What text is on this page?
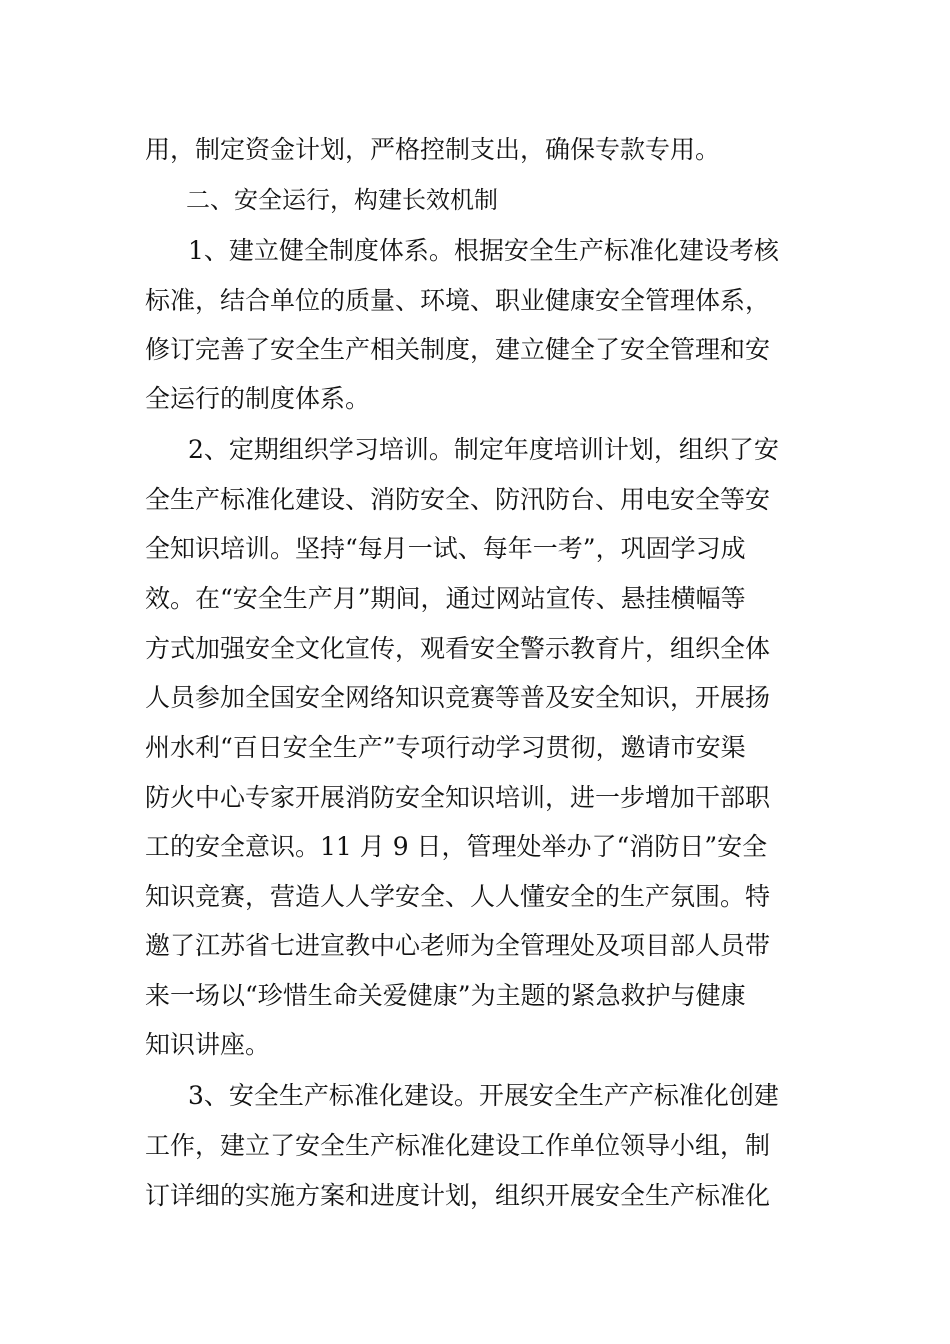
用，制定资金计划，严格控制支出，确保专款专用。
二、安全运行，构建长效机制
1、建立健全制度体系。根据安全生产标准化建设考核
标准，结合单位的质量、环境、职业健康安全管理体系，
修订完善了安全生产相关制度，建立健全了安全管理和安
全运行的制度体系。
2、定期组织学习培训。制定年度培训计划，组织了安
全生产标准化建设、消防安全、防汛防台、用电安全等安
全知识培训。坚持“每月一试、每年一考”，巩固学习成
效。在“安全生产月”期间，通过网站宣传、悬挂横幅等
方式加强安全文化宣传，观看安全警示教育片，组织全体
人员参加全国安全网络知识竞赛等普及安全知识，开展扬
州水利“百日安全生产”专项行动学习贯彻，邀请市安渠
防火中心专家开展消防安全知识培训，进一步增加干部职
工的安全意识。11 月 9 日，管理处举办了“消防日”安全
知识竞赛，营造人人学安全、人人懂安全的生产氛围。特
邀了江苏省七进宣教中心老师为全管理处及项目部人员带
来一场以“珍惜生命关爱健康”为主题的紧急救护与健康
知识讲座。
3、安全生产标准化建设。开展安全生产产标准化创建
工作，建立了安全生产标准化建设工作单位领导小组，制
订详细的实施方案和进度计划，组织开展安全生产标准化
